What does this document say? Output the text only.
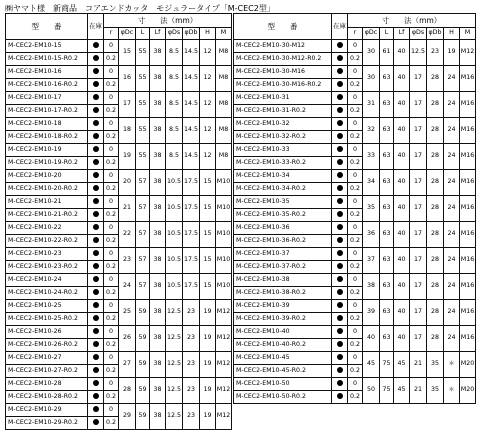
㈱ヤマト様　新商品　コアエンドカッタ　モジュラータイプ「M-CEC2型」
型　　番	在庫	寸　　法（mm）							
		r	φDc	L	Lf	φDs	φDb	H	M
M-CEC2-EM10-15		0	15	55	38	8.5	14.5	12	M8
M-CEC2-EM10-15-R0.2		0.2							
M-CEC2-EM10-16		0	16	55	38	8.5	14.5	12	M8
M-CEC2-EM10-16-R0.2		0.2							
M-CEC2-EM10-17		0	17	55	38	8.5	14.5	12	M8
M-CEC2-EM10-17-R0.2		0.2							
M-CEC2-EM10-18		0	18	55	38	8.5	14.5	12	M8
M-CEC2-EM10-18-R0.2		0.2							
M-CEC2-EM10-19		0	19	55	38	8.5	14.5	12	M8
M-CEC2-EM10-19-R0.2		0.2							
M-CEC2-EM10-20		0	20	57	38	10.5	17.5	15	M10
M-CEC2-EM10-20-R0.2		0.2							
M-CEC2-EM10-21		0	21	57	38	10.5	17.5	15	M10
M-CEC2-EM10-21-R0.2		0.2							
M-CEC2-EM10-22		0	22	57	38	10.5	17.5	15	M10
M-CEC2-EM10-22-R0.2		0.2							
M-CEC2-EM10-23		0	23	57	38	10.5	17.5	15	M10
M-CEC2-EM10-23-R0.2		0.2							
M-CEC2-EM10-24		0	24	57	38	10.5	17.5	15	M10
M-CEC2-EM10-24-R0.2		0.2							
M-CEC2-EM10-25		0	25	59	38	12.5	23	19	M12
M-CEC2-EM10-25-R0.2		0.2							
M-CEC2-EM10-26		0	26	59	38	12.5	23	19	M12
M-CEC2-EM10-26-R0.2		0.2							
M-CEC2-EM10-27		0	27	59	38	12.5	23	19	M12
M-CEC2-EM10-27-R0.2		0.2							
M-CEC2-EM10-28		0	28	59	38	12.5	23	19	M12
M-CEC2-EM10-28-R0.2		0.2							
M-CEC2-EM10-29		0	29	59	38	12.5	23	19	M12
M-CEC2-EM10-29-R0.2		0.2							
型　　番	在庫	寸　　法（mm）							
		r	φDc	L	Lf	φDs	φDb	H	M
M-CEC2-EM10-30-M12		0	30	61	40	12.5	23	19	M12
M-CEC2-EM10-30-M12-R0.2		0.2							
M-CEC2-EM10-30-M16		0	30	63	40	17	28	24	M16
M-CEC2-EM10-30-M16-R0.2		0.2							
M-CEC2-EM10-31		0	31	63	40	17	28	24	M16
M-CEC2-EM10-31-R0.2		0.2							
M-CEC2-EM10-32		0	32	63	40	17	28	24	M16
M-CEC2-EM10-32-R0.2		0.2							
M-CEC2-EM10-33		0	33	63	40	17	28	24	M16
M-CEC2-EM10-33-R0.2		0.2							
M-CEC2-EM10-34		0	34	63	40	17	28	24	M16
M-CEC2-EM10-34-R0.2		0.2							
M-CEC2-EM10-35		0	35	63	40	17	28	24	M16
M-CEC2-EM10-35-R0.2		0.2							
M-CEC2-EM10-36		0	36	63	40	17	28	24	M16
M-CEC2-EM10-36-R0.2		0.2							
M-CEC2-EM10-37		0	37	63	40	17	28	24	M16
M-CEC2-EM10-37-R0.2		0.2							
M-CEC2-EM10-38		0	38	63	40	17	28	24	M16
M-CEC2-EM10-38-R0.2		0.2							
M-CEC2-EM10-39		0	39	63	40	17	28	24	M16
M-CEC2-EM10-39-R0.2		0.2							
M-CEC2-EM10-40		0	40	63	40	17	28	24	M16
M-CEC2-EM10-40-R0.2		0.2							
M-CEC2-EM10-45		0	45	75	45	21	35	＊	M20
M-CEC2-EM10-45-R0.2		0.2							
M-CEC2-EM10-50		0	50	75	45	21	35	＊	M20
M-CEC2-EM10-50-R0.2		0.2							
